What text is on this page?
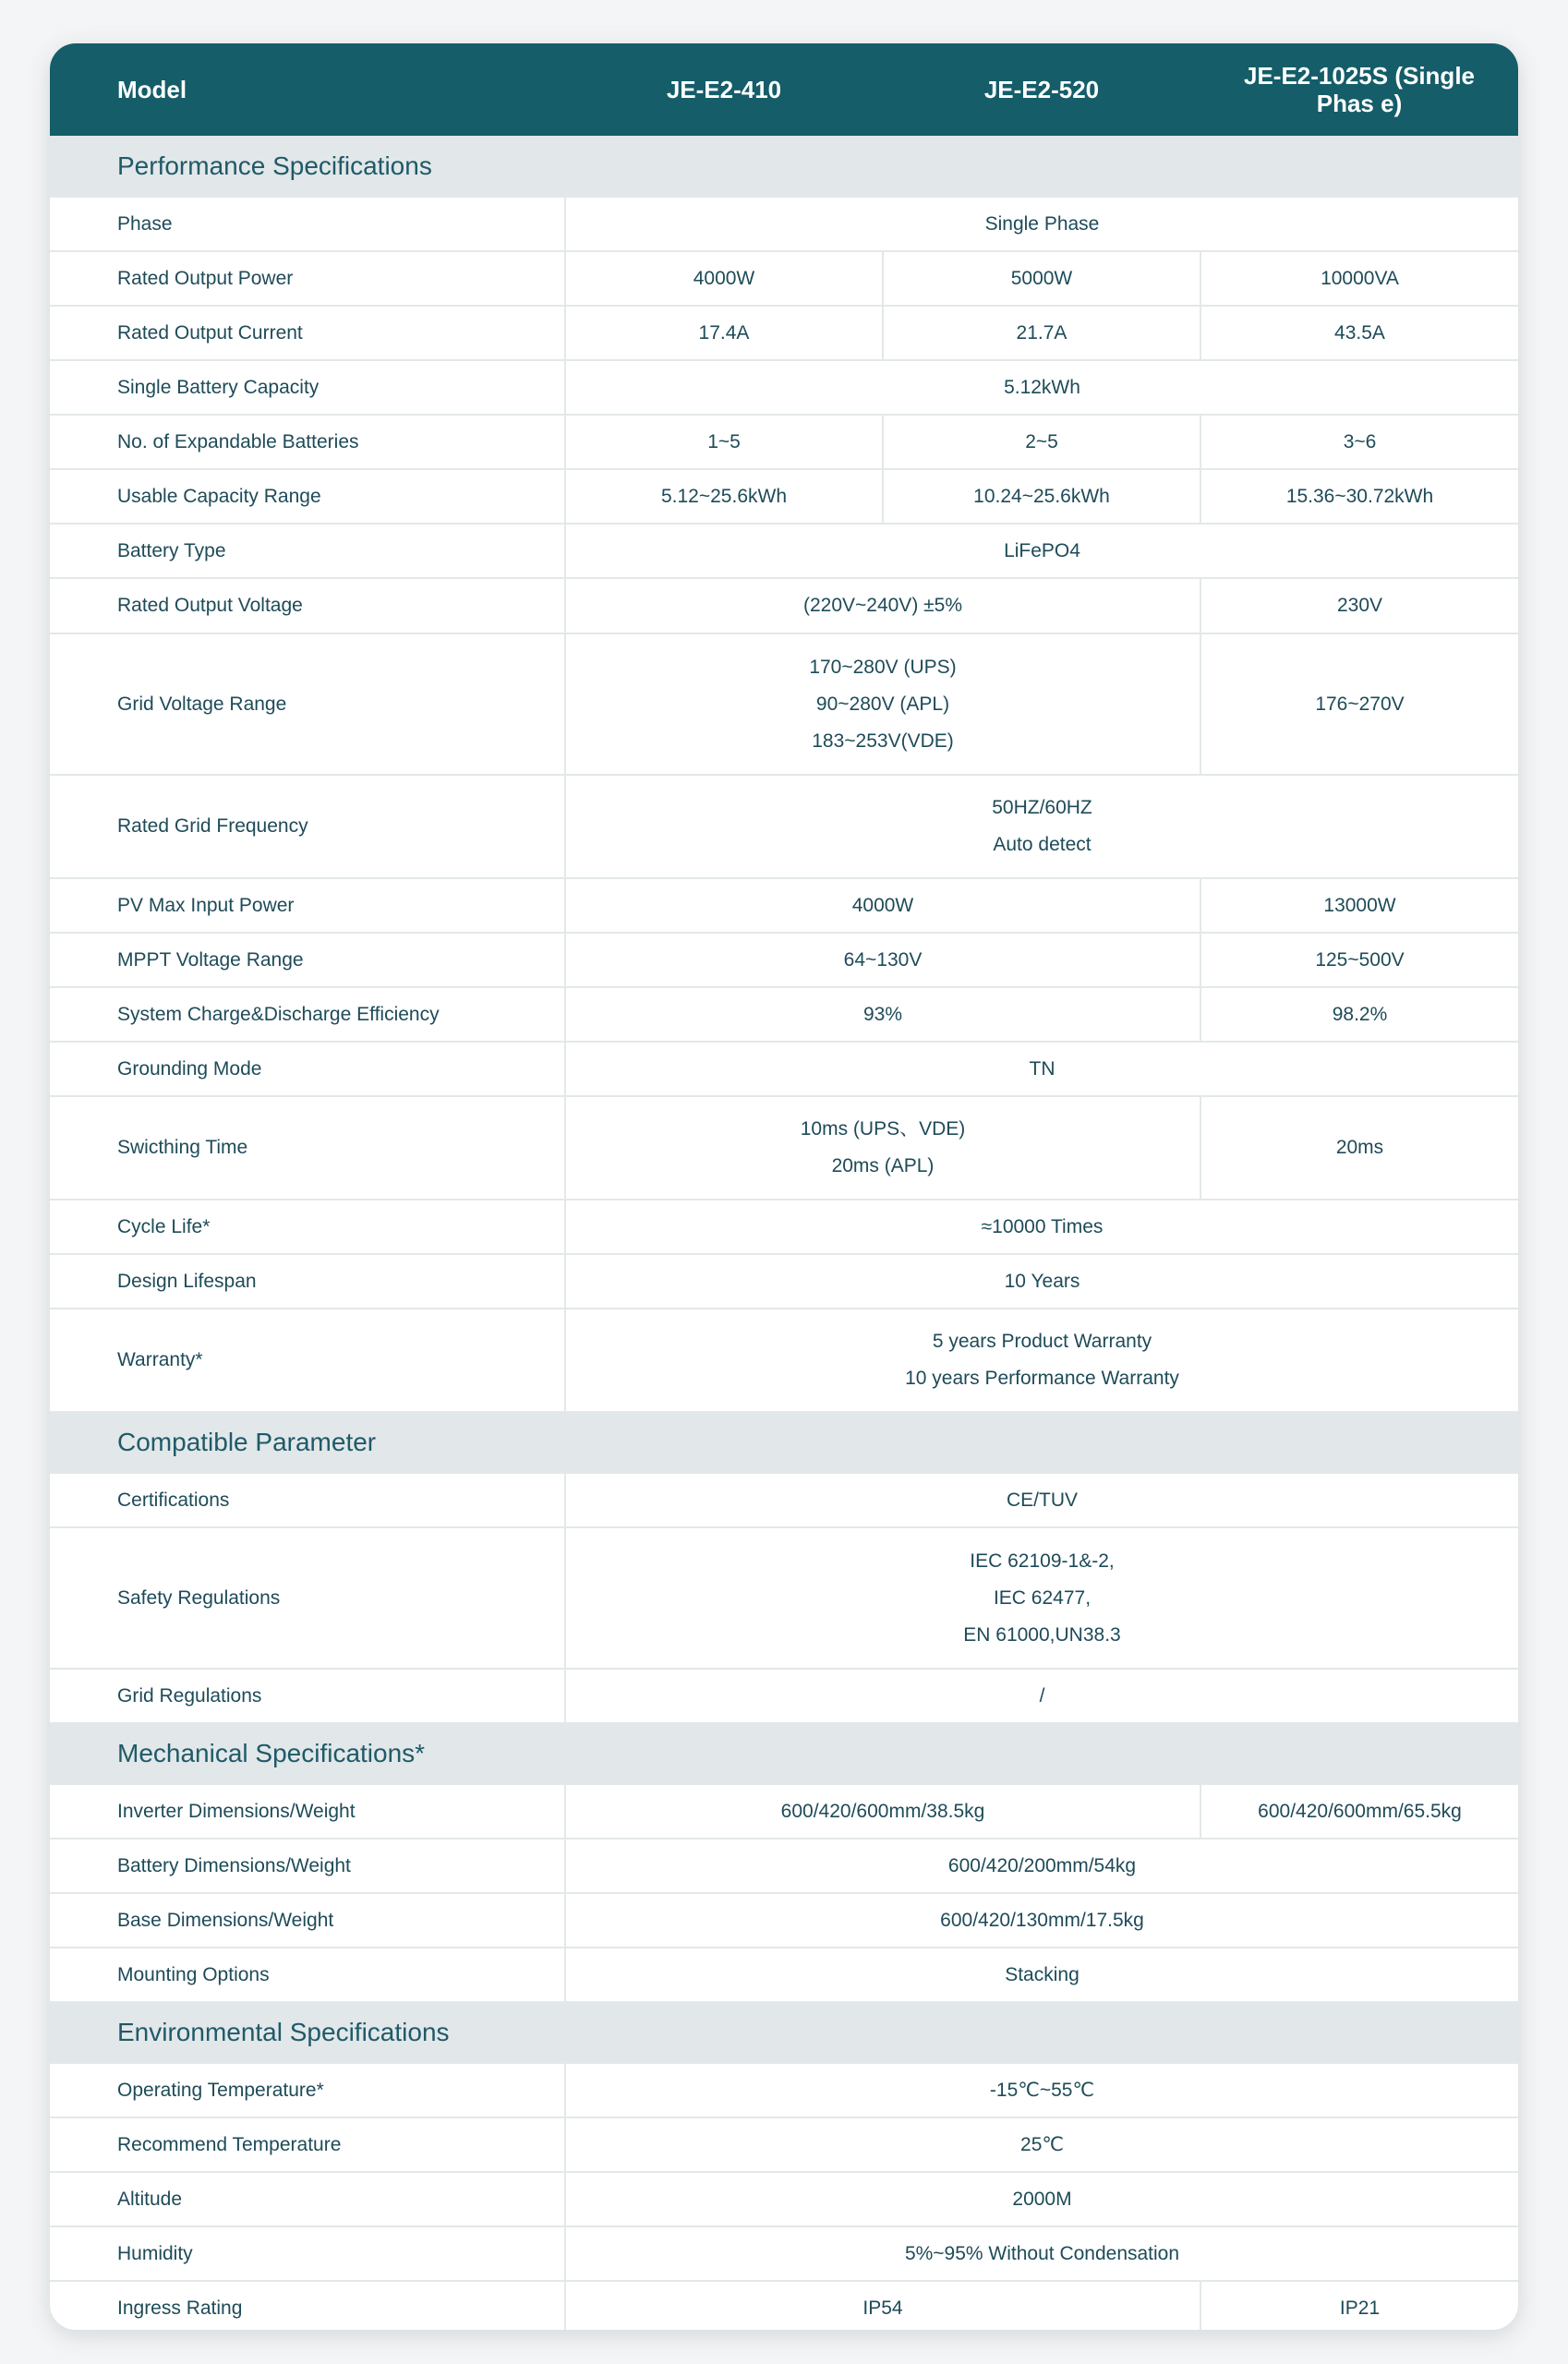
Model	JE-E2-410	JE-E2-520	JE-E2-1025S (Single Phas e)
Performance Specifications			
Phase	Single Phase		
Rated Output Power	4000W	5000W	10000VA
Rated Output Current	17.4A	21.7A	43.5A
Single Battery Capacity	5.12kWh		
No. of Expandable Batteries	1~5	2~5	3~6
Usable Capacity Range	5.12~25.6kWh	10.24~25.6kWh	15.36~30.72kWh
Battery Type	LiFePO4		
Rated Output Voltage	(220V~240V) ±5%		230V
Grid Voltage Range	170~280V (UPS)
90~280V (APL)
183~253V(VDE)		176~270V
Rated Grid Frequency	50HZ/60HZ
Auto detect		

PV Max Input Power	4000W		13000W
MPPT Voltage Range	64~130V		125~500V
System Charge&Discharge Efficiency	93%		98.2%
Grounding Mode	TN		
Swicthing Time	10ms (UPS、VDE)
20ms (APL)		20ms
Cycle Life*	≈10000 Times		
Design Lifespan	10 Years		
Warranty*	5 years Product Warranty
10 years Performance Warranty		

Compatible Parameter			
Certifications	CE/TUV		
Safety Regulations	IEC 62109-1&-2,
IEC 62477,
EN 61000,UN38.3		

Grid Regulations	/		
Mechanical Specifications*			
Inverter Dimensions/Weight	600/420/600mm/38.5kg		600/420/600mm/65.5kg
Battery Dimensions/Weight	600/420/200mm/54kg		
Base Dimensions/Weight	600/420/130mm/17.5kg		
Mounting Options	Stacking		
Environmental Specifications			
Operating Temperature*	-15℃~55℃		
Recommend Temperature	25℃		
Altitude	2000M		
Humidity	5%~95% Without Condensation		
Ingress Rating	IP54		IP21
